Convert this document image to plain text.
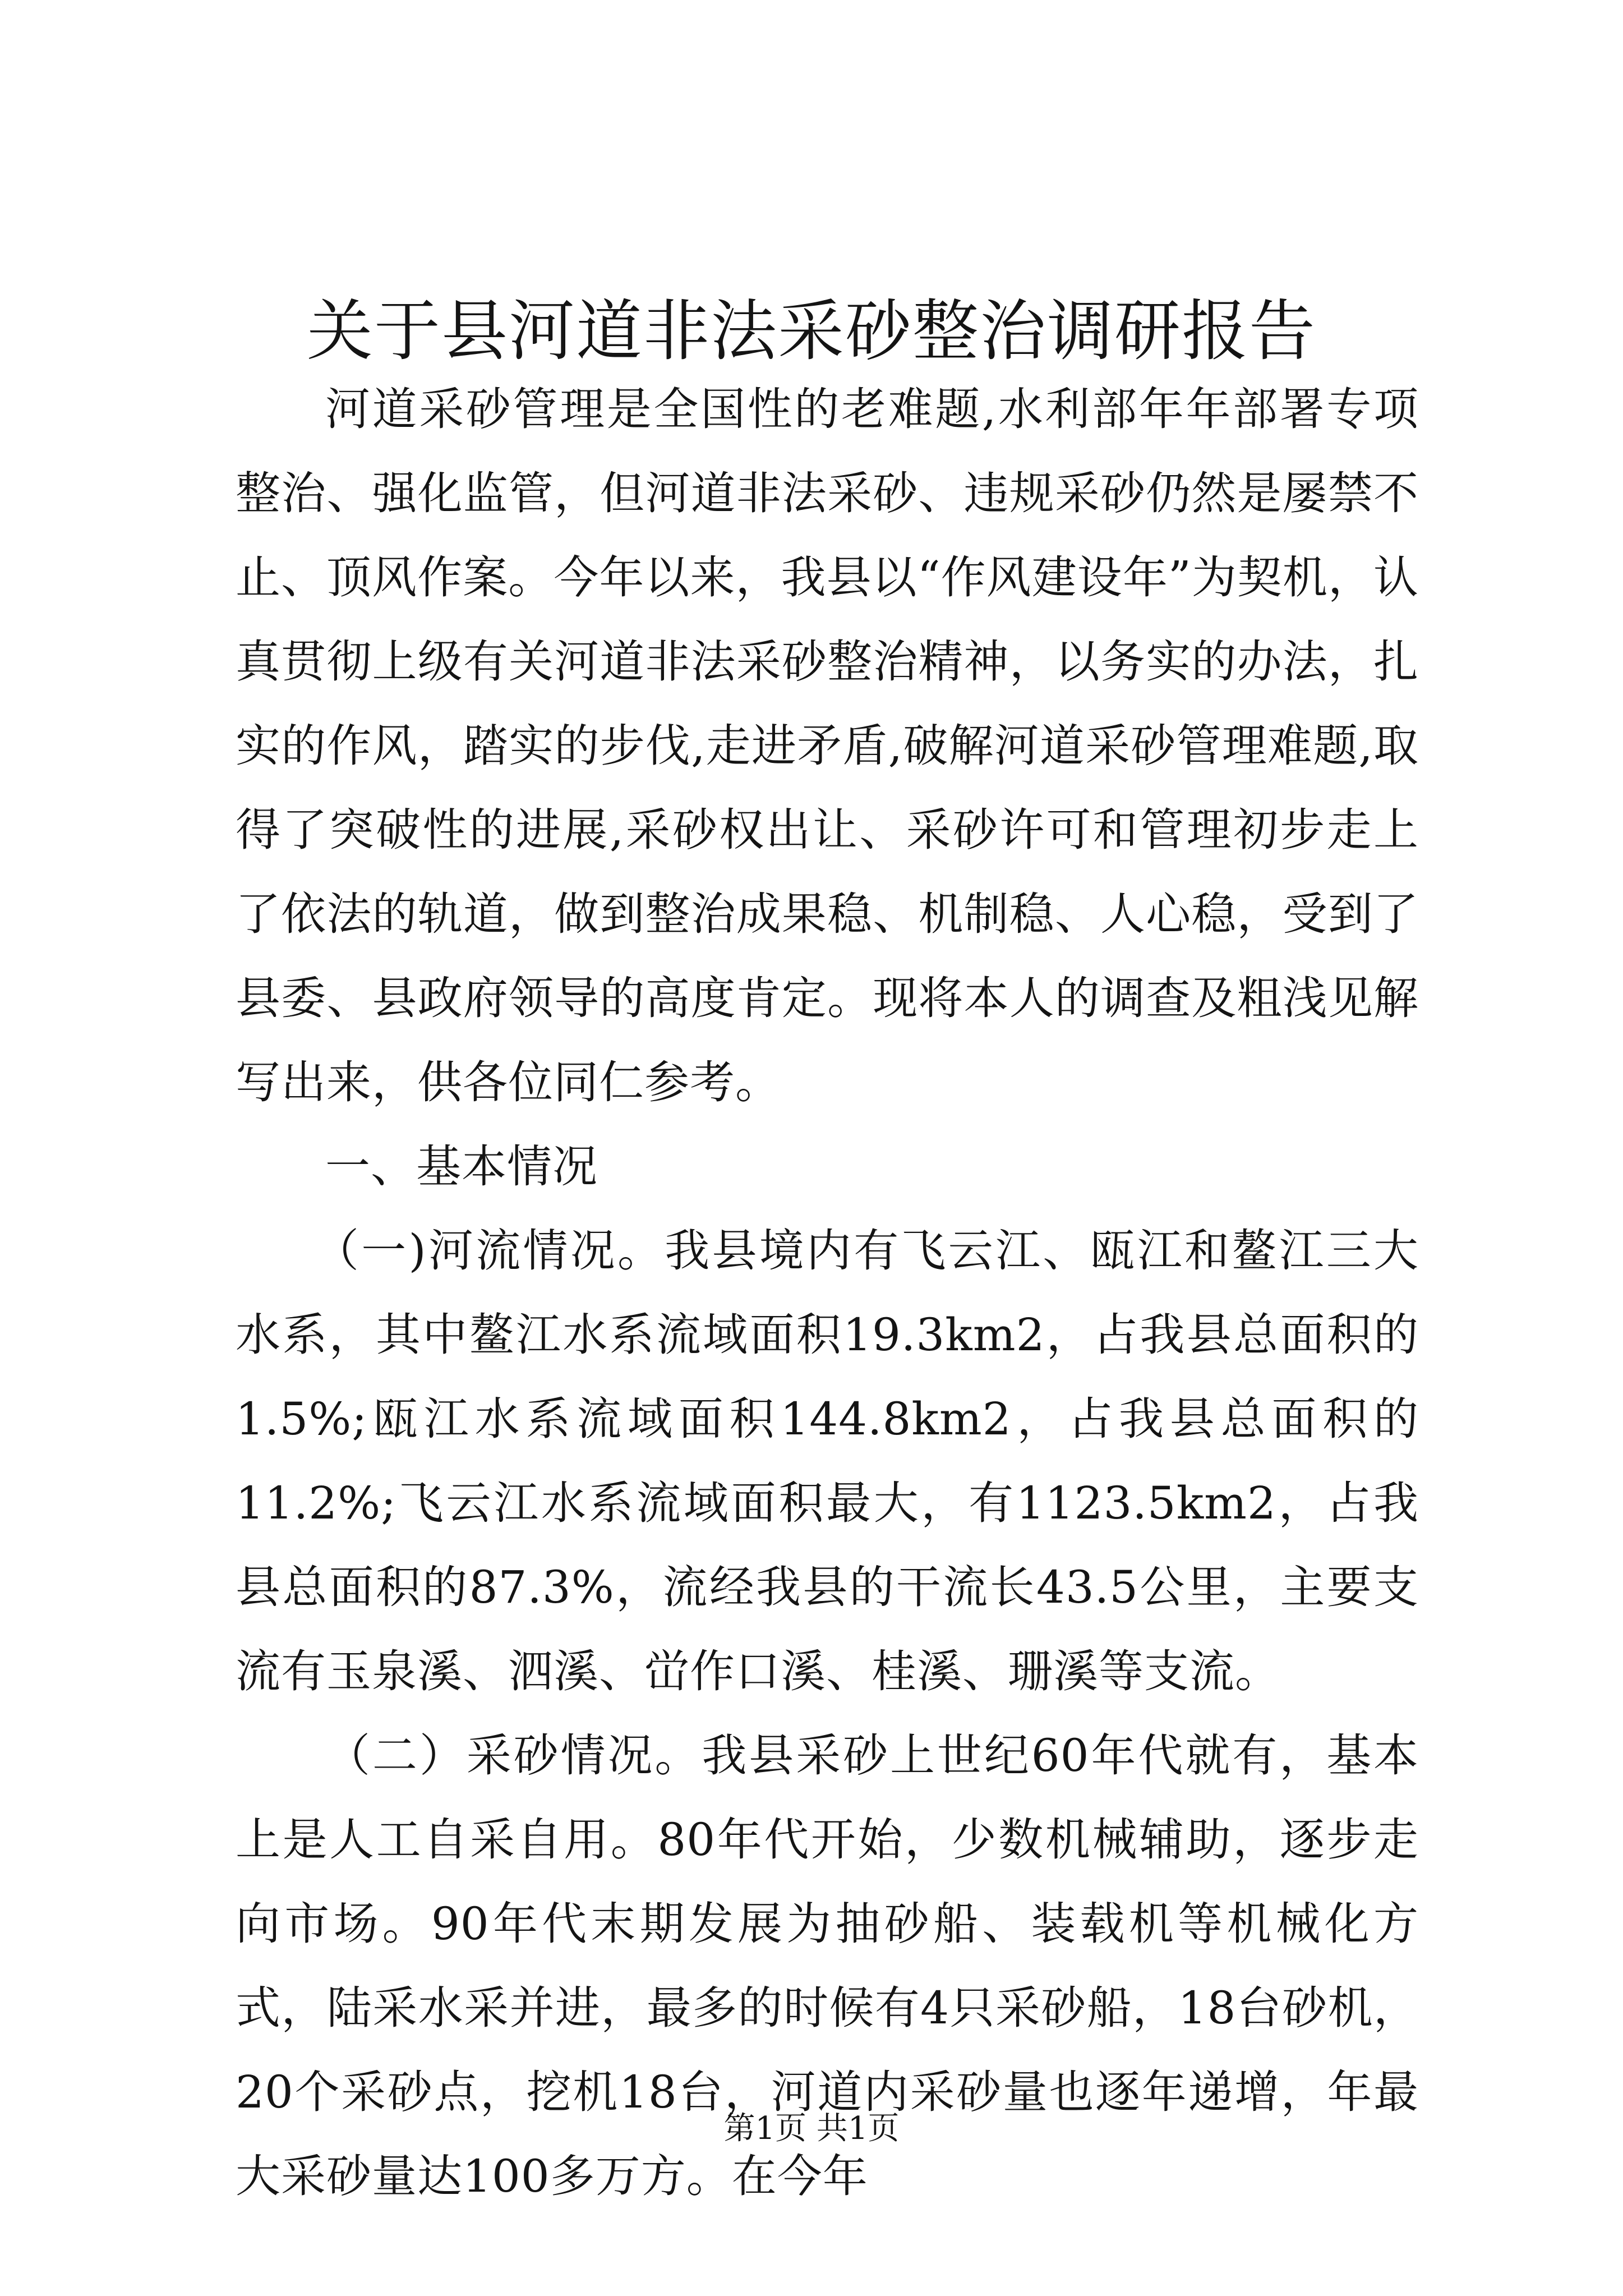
关于县河道非法采砂整治调研报告

河道采砂管理是全国性的老难题,水利部年年部署专项整治、强化监管，但河道非法采砂、违规采砂仍然是屡禁不止、顶风作案。今年以来，我县以“作风建设年”为契机，认真贯彻上级有关河道非法采砂整治精神，以务实的办法，扎实的作风，踏实的步伐,走进矛盾,破解河道采砂管理难题,取得了突破性的进展,采砂权出让、采砂许可和管理初步走上了依法的轨道，做到整治成果稳、机制稳、人心稳，受到了县委、县政府领导的高度肯定。现将本人的调查及粗浅见解写出来，供各位同仁参考。

一、基本情况

（一)河流情况。我县境内有飞云江、瓯江和鳌江三大水系，其中鳌江水系流域面积19.3km2，占我县总面积的1.5%;瓯江水系流域面积144.8km2，占我县总面积的11.2%;飞云江水系流域面积最大，有1123.5km2，占我县总面积的87.3%，流经我县的干流长43.5公里，主要支流有玉泉溪、泗溪、峃作口溪、桂溪、珊溪等支流。

（二）采砂情况。我县采砂上世纪60年代就有，基本上是人工自采自用。80年代开始，少数机械辅助，逐步走向市场。90年代末期发展为抽砂船、装载机等机械化方式，陆采水采并进，最多的时候有4只采砂船，18台砂机，20个采砂点，挖机18台，河道内采砂量也逐年递增，年最大采砂量达100多万方。在今年

第1页 共1页
